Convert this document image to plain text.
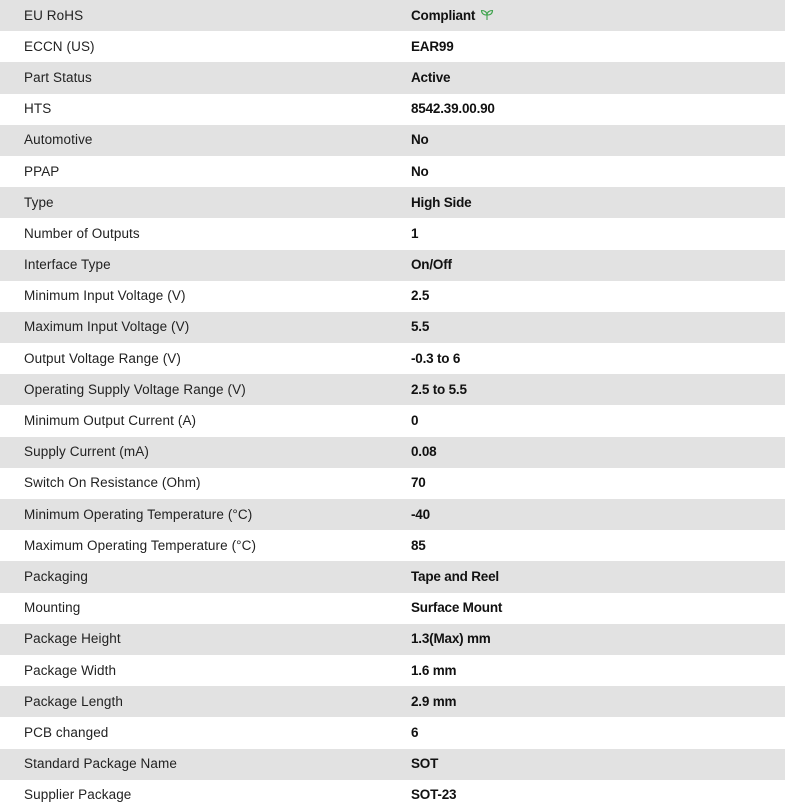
EU RoHS	Compliant
ECCN (US)	EAR99
Part Status	Active
HTS	8542.39.00.90
Automotive	No
PPAP	No
Type	High Side
Number of Outputs	1
Interface Type	On/Off
Minimum Input Voltage (V)	2.5
Maximum Input Voltage (V)	5.5
Output Voltage Range (V)	-0.3 to 6
Operating Supply Voltage Range (V)	2.5 to 5.5
Minimum Output Current (A)	0
Supply Current (mA)	0.08
Switch On Resistance (Ohm)	70
Minimum Operating Temperature (°C)	-40
Maximum Operating Temperature (°C)	85
Packaging	Tape and Reel
Mounting	Surface Mount
Package Height	1.3(Max) mm
Package Width	1.6 mm
Package Length	2.9 mm
PCB changed	6
Standard Package Name	SOT
Supplier Package	SOT-23
